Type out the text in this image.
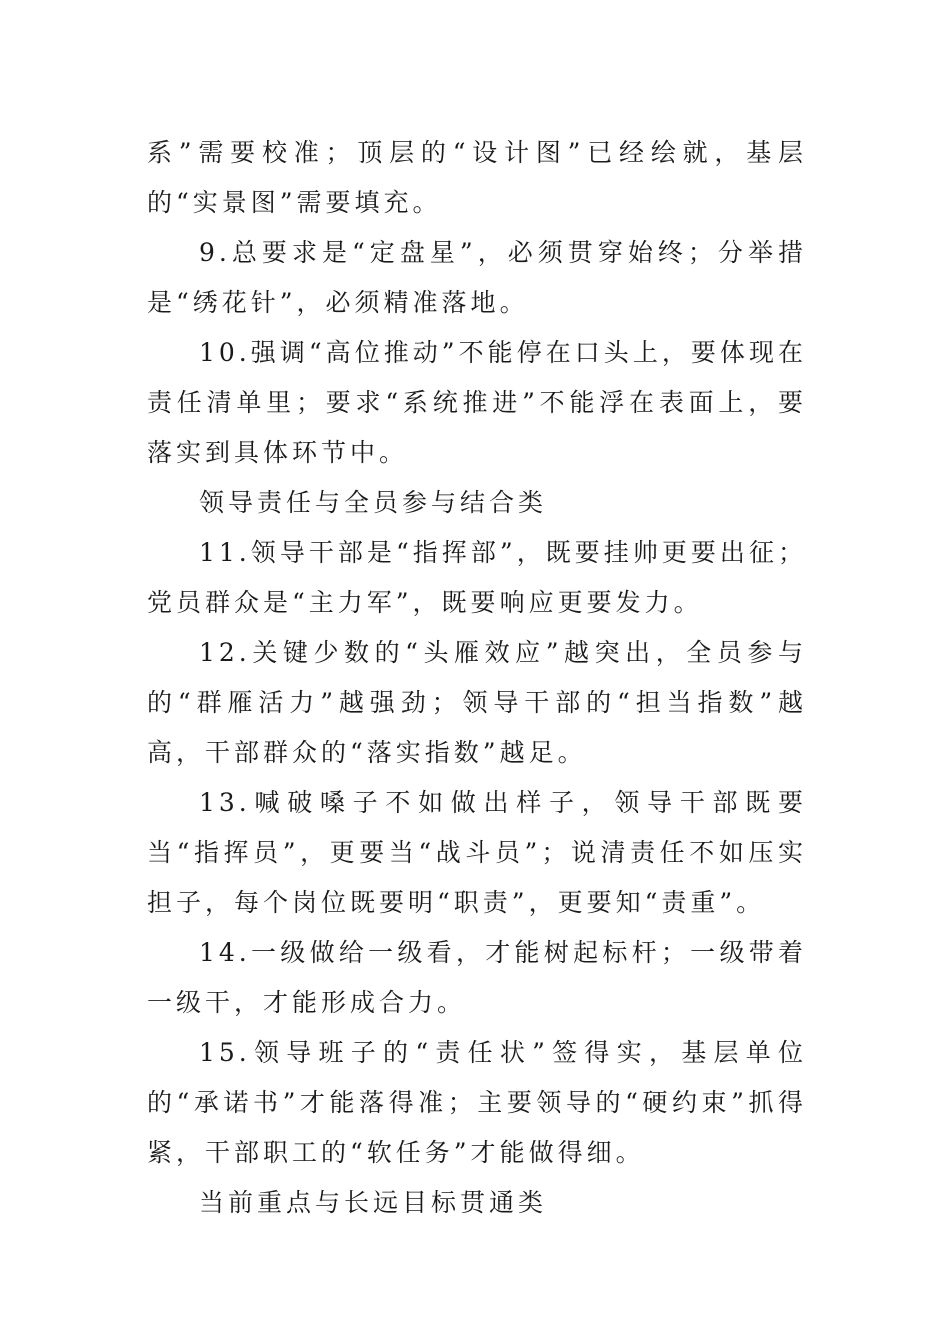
系”需要校准；顶层的“设计图”已经绘就，基层的“实景图”需要填充。

9.总要求是“定盘星”，必须贯穿始终；分举措是“绣花针”，必须精准落地。

10.强调“高位推动”不能停在口头上，要体现在责任清单里；要求“系统推进”不能浮在表面上，要落实到具体环节中。

领导责任与全员参与结合类

11.领导干部是“指挥部”，既要挂帅更要出征；党员群众是“主力军”，既要响应更要发力。

12.关键少数的“头雁效应”越突出，全员参与的“群雁活力”越强劲；领导干部的“担当指数”越高，干部群众的“落实指数”越足。

13.喊破嗓子不如做出样子，领导干部既要当“指挥员”，更要当“战斗员”；说清责任不如压实担子，每个岗位既要明“职责”，更要知“责重”。

14.一级做给一级看，才能树起标杆；一级带着一级干，才能形成合力。

15.领导班子的“责任状”签得实，基层单位的“承诺书”才能落得准；主要领导的“硬约束”抓得紧，干部职工的“软任务”才能做得细。

当前重点与长远目标贯通类
